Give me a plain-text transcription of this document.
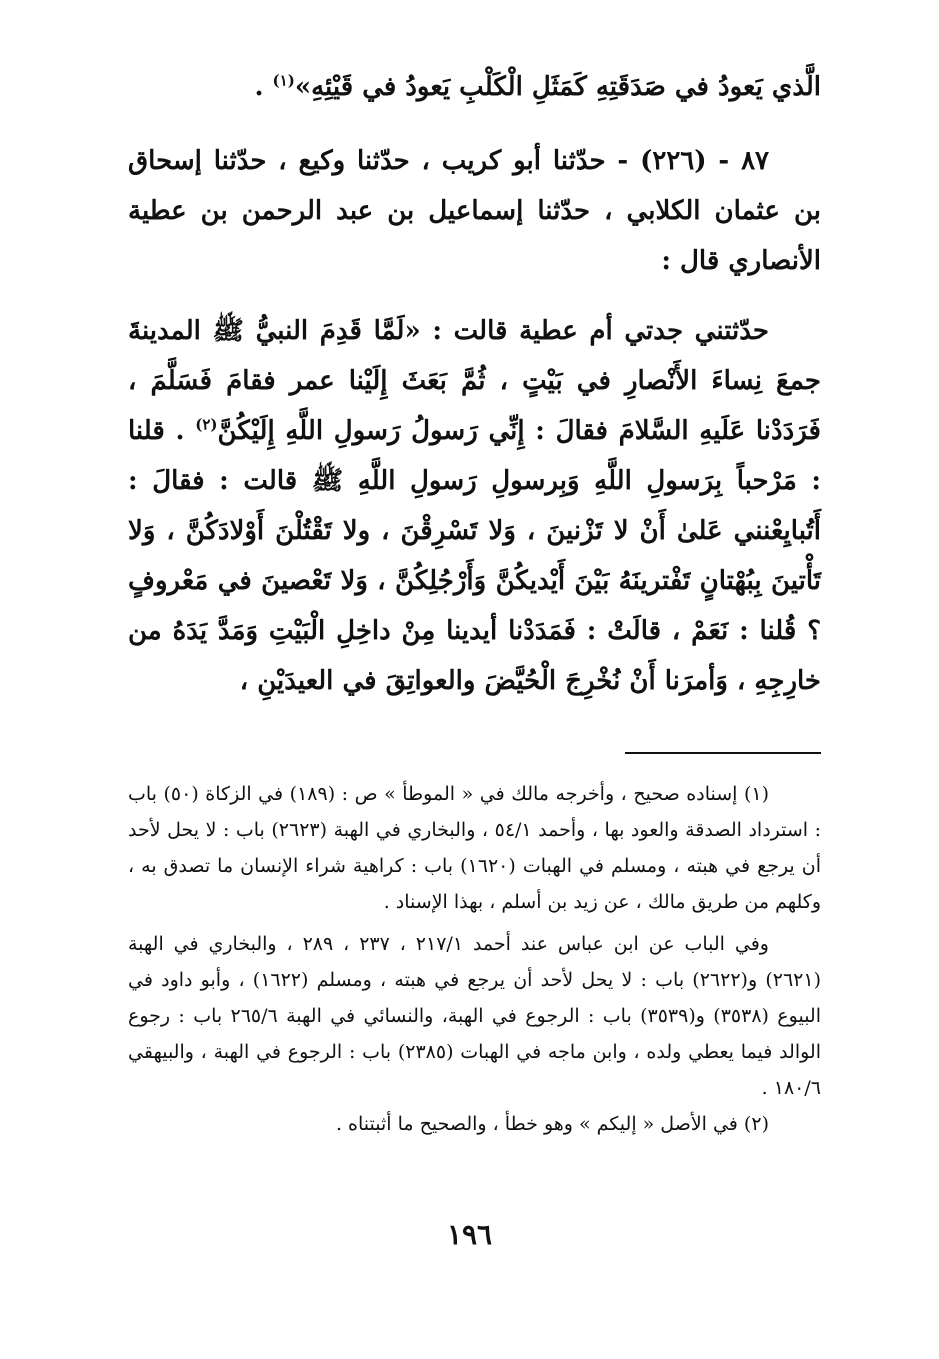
الَّذي يَعودُ في صَدَقَتِهِ كَمَثَلِ الْكَلْبِ يَعودُ في قَيْئِهِ»$^{(١)}$ .

٨٧ - (٢٢٦) - حدّثنا أبو كريب ، حدّثنا وكيع ، حدّثنا إسحاق بن عثمان الكلابي ، حدّثنا إسماعيل بن عبد الرحمن بن عطية الأنصاري قال :

حدّثتني جدتي أم عطية قالت : «لَمَّا قَدِمَ النبيُّ ﷺ المدينةَ جمعَ نِساءَ الأَنْصارِ في بَيْتٍ ، ثُمَّ بَعَثَ إِلَيْنا عمر فقامَ فَسَلَّمَ ، فَرَدَدْنا عَلَيهِ السَّلامَ فقالَ : إِنِّي رَسولُ رَسولِ اللَّهِ إِلَيْكُنَّ$^{(٢)}$ . قلنا : مَرْحباً بِرَسولِ اللَّهِ وَبِرسولِ رَسولِ اللَّهِ ﷺ قالت : فقالَ : أَتُبايِعْنني عَلىٰ أَنْ لا تَزْنينَ ، وَلا تَسْرِقْنَ ، ولا تَقْتُلْنَ أَوْلادَكُنَّ ، وَلا تَأْتينَ بِبُهْتانٍ تَفْترينَهُ بَيْنَ أَيْديكُنَّ وَأَرْجُلِكُنَّ ، وَلا تَعْصينَ في مَعْروفٍ ؟ قُلنا : نَعَمْ ، قالَتْ : فَمَدَدْنا أيدينا مِنْ داخِلِ الْبَيْتِ وَمَدَّ يَدَهُ من خارِجِهِ ، وَأمرَنا أَنْ نُخْرِجَ الْحُيَّضَ والعواتِقَ في العيدَيْنِ ،

(١) إسناده صحيح ، وأخرجه مالك في « الموطأ » ص : (١٨٩) في الزكاة (٥٠) باب : استرداد الصدقة والعود بها ، وأحمد ٥٤/١ ، والبخاري في الهبة (٢٦٢٣) باب : لا يحل لأحد أن يرجع في هبته ، ومسلم في الهبات (١٦٢٠) باب : كراهية شراء الإنسان ما تصدق به ، وكلهم من طريق مالك ، عن زيد بن أسلم ، بهذا الإسناد .

وفي الباب عن ابن عباس عند أحمد ٢١٧/١ ، ٢٣٧ ، ٢٨٩ ، والبخاري في الهبة (٢٦٢١) و(٢٦٢٢) باب : لا يحل لأحد أن يرجع في هبته ، ومسلم (١٦٢٢) ، وأبو داود في البيوع (٣٥٣٨) و(٣٥٣٩) باب : الرجوع في الهبة، والنسائي في الهبة ٢٦٥/٦ باب : رجوع الوالد فيما يعطي ولده ، وابن ماجه في الهبات (٢٣٨٥) باب : الرجوع في الهبة ، والبيهقي ١٨٠/٦ .

(٢) في الأصل « إليكم » وهو خطأ ، والصحيح ما أثبتناه .

١٩٦
